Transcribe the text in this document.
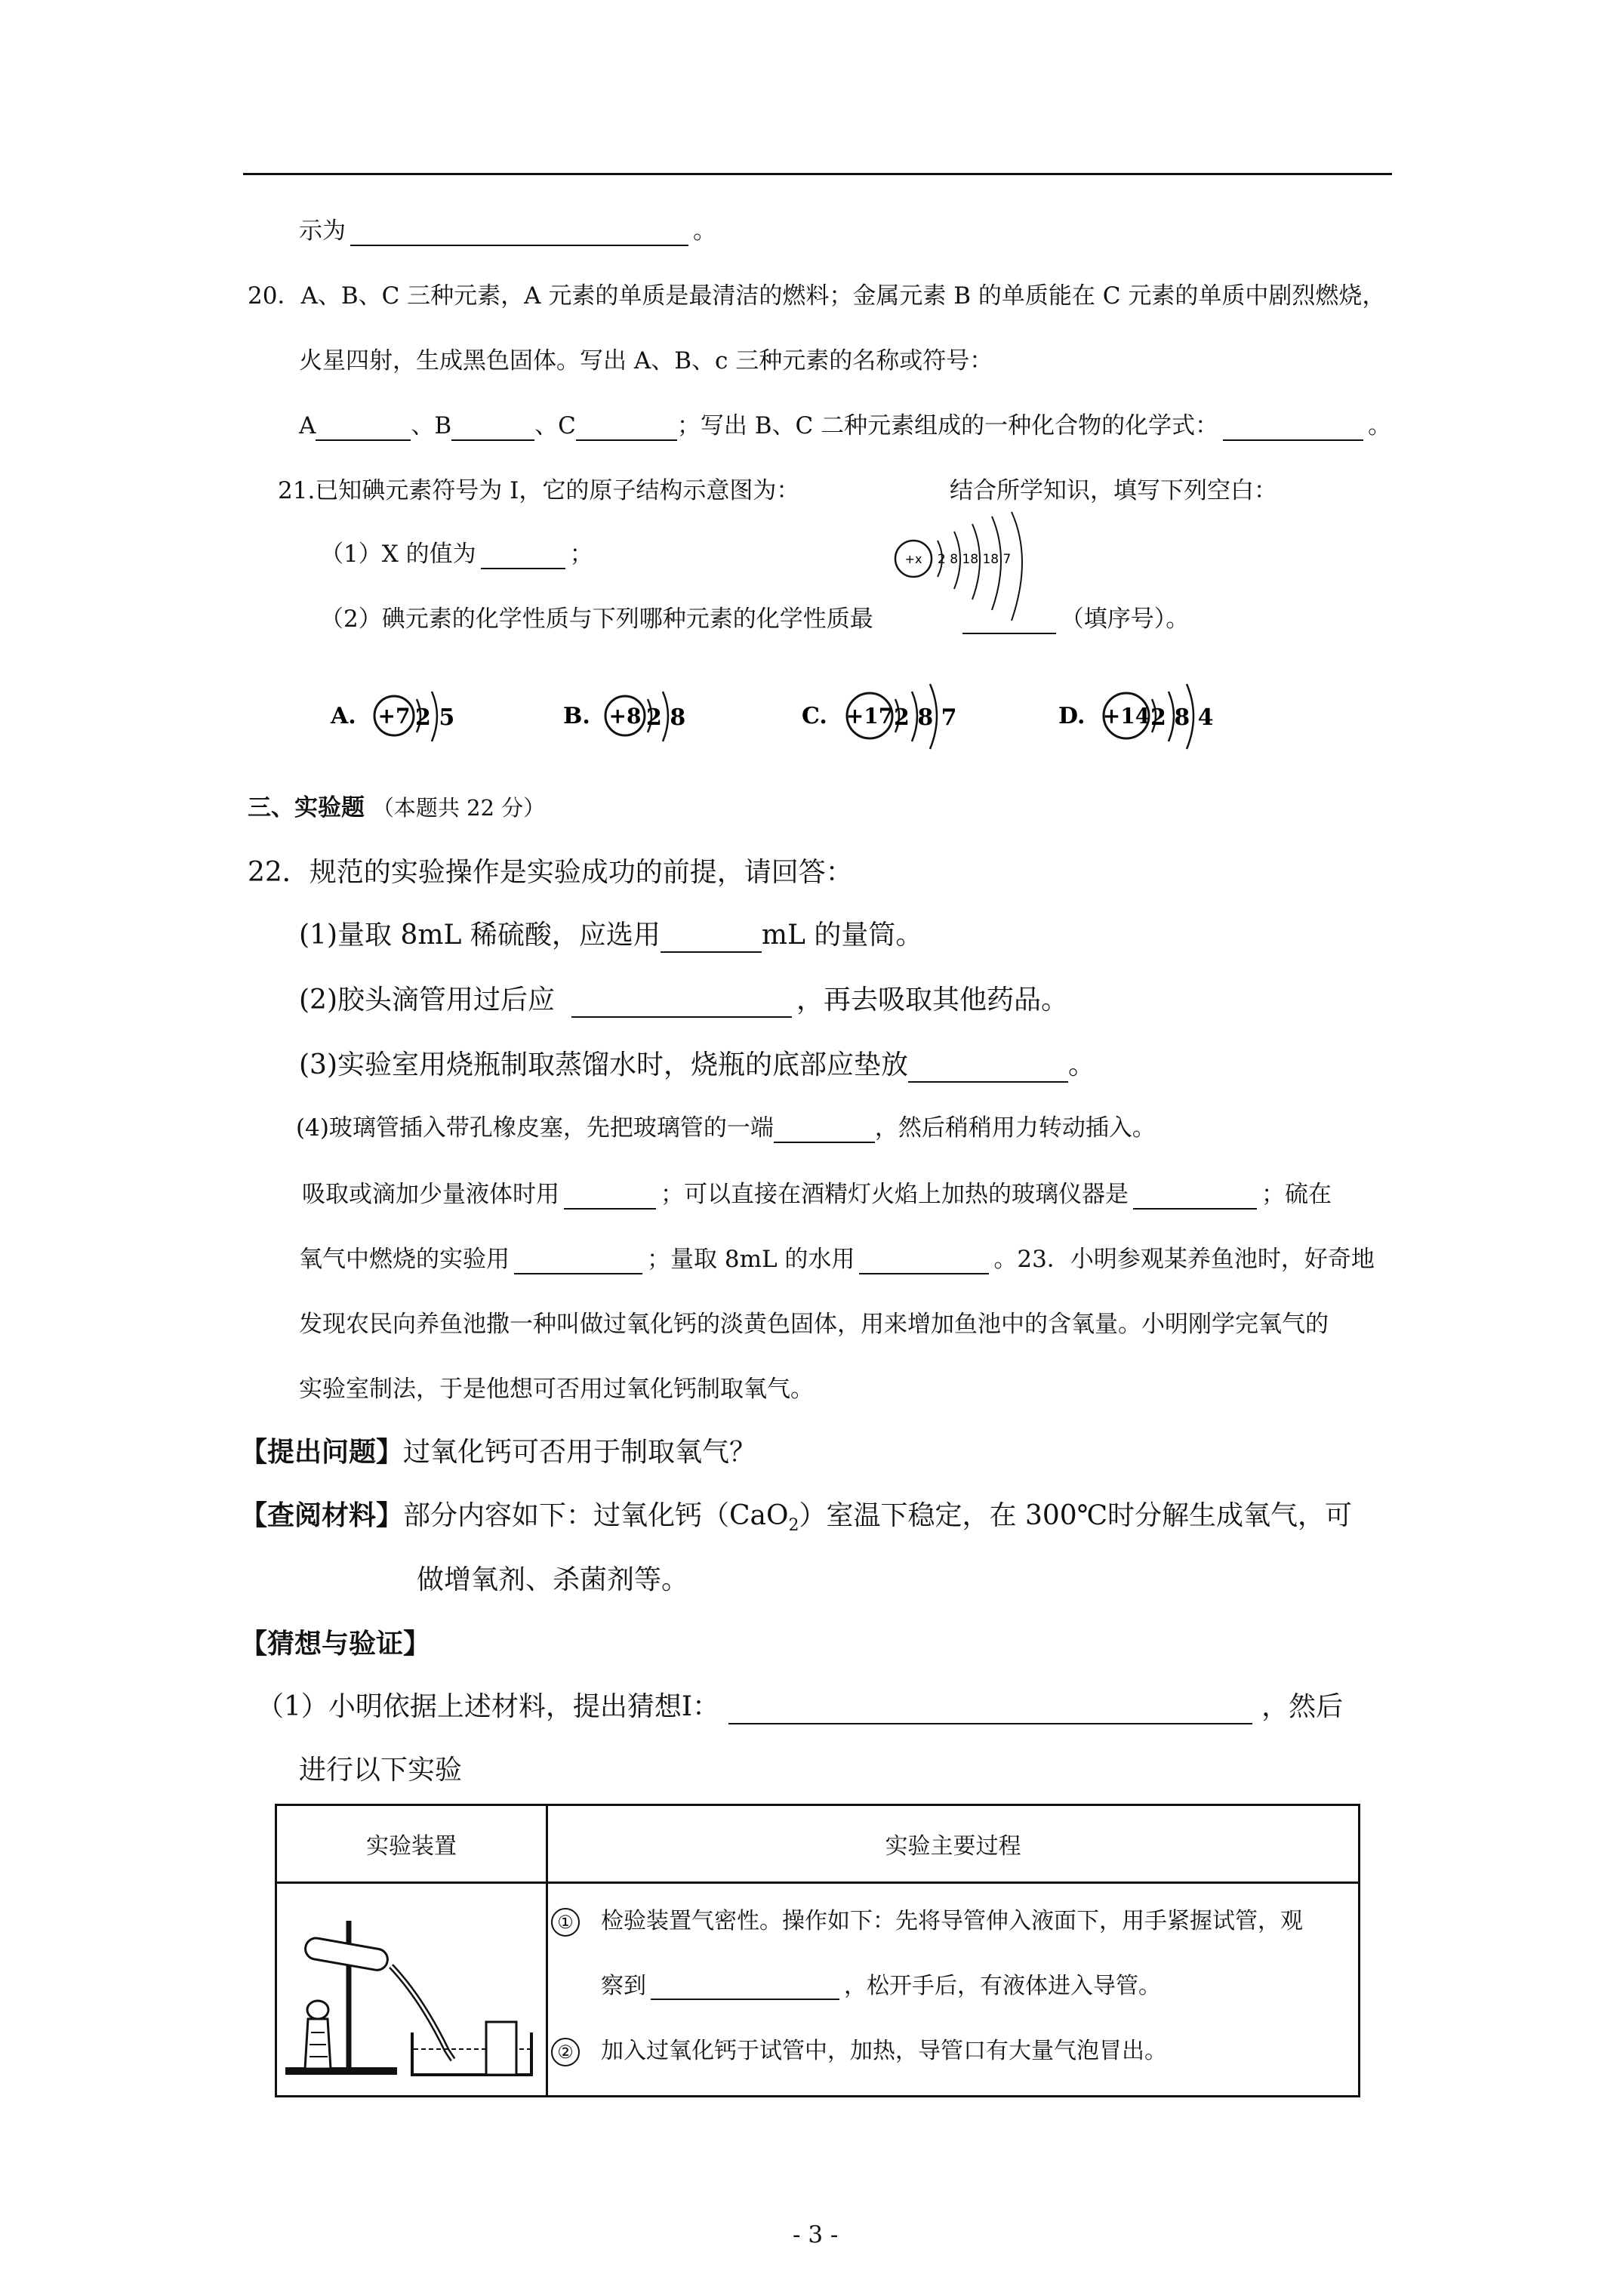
示为	。
20．A、B、C 三种元素，A 元素的单质是最清洁的燃料；金属元素 B 的单质能在 C 元素的单质中剧烈燃烧，
火星四射，生成黑色固体。写出 A、B、c 三种元素的名称或符号：
A	、B	、C	；写出 B、C 二种元素组成的一种化合物的化学式：	。
21.已知碘元素符号为 I，它的原子结构示意图为：	结合所学知识，填写下列空白：
+x 2 8 18 18 7
（1）X 的值为	；
（2）碘元素的化学性质与下列哪种元素的化学性质最	（填序号）。
A. +7 2 5	B. +8 2 8	C. +17 2 8 7	D. +14 2 8 4
三、实验题 （本题共 22 分）
22．规范的实验操作是实验成功的前提，请回答：
(1)量取 8mL 稀硫酸，应选用	mL 的量筒。
(2)胶头滴管用过后应	，再去吸取其他药品。
(3)实验室用烧瓶制取蒸馏水时，烧瓶的底部应垫放	。
(4)玻璃管插入带孔橡皮塞，先把玻璃管的一端	，然后稍稍用力转动插入。
吸取或滴加少量液体时用	；可以直接在酒精灯火焰上加热的玻璃仪器是	；硫在
氧气中燃烧的实验用	；量取 8mL 的水用	。23．小明参观某养鱼池时，好奇地
发现农民向养鱼池撒一种叫做过氧化钙的淡黄色固体，用来增加鱼池中的含氧量。小明刚学完氧气的
实验室制法，于是他想可否用过氧化钙制取氧气。
【提出问题】过氧化钙可否用于制取氧气？
【查阅材料】部分内容如下：过氧化钙（CaO$_2$）室温下稳定，在 300℃时分解生成氧气，可
做增氧剂、杀菌剂等。
【猜想与验证】
（1）小明依据上述材料，提出猜想Ⅰ：	，然后
进行以下实验
实验装置	实验主要过程

① 检验装置气密性。操作如下：先将导管伸入液面下，用手紧握试管，观
察到 ，松开手后，有液体进入导管。
② 加入过氧化钙于试管中，加热，导管口有大量气泡冒出。
- 3 -
